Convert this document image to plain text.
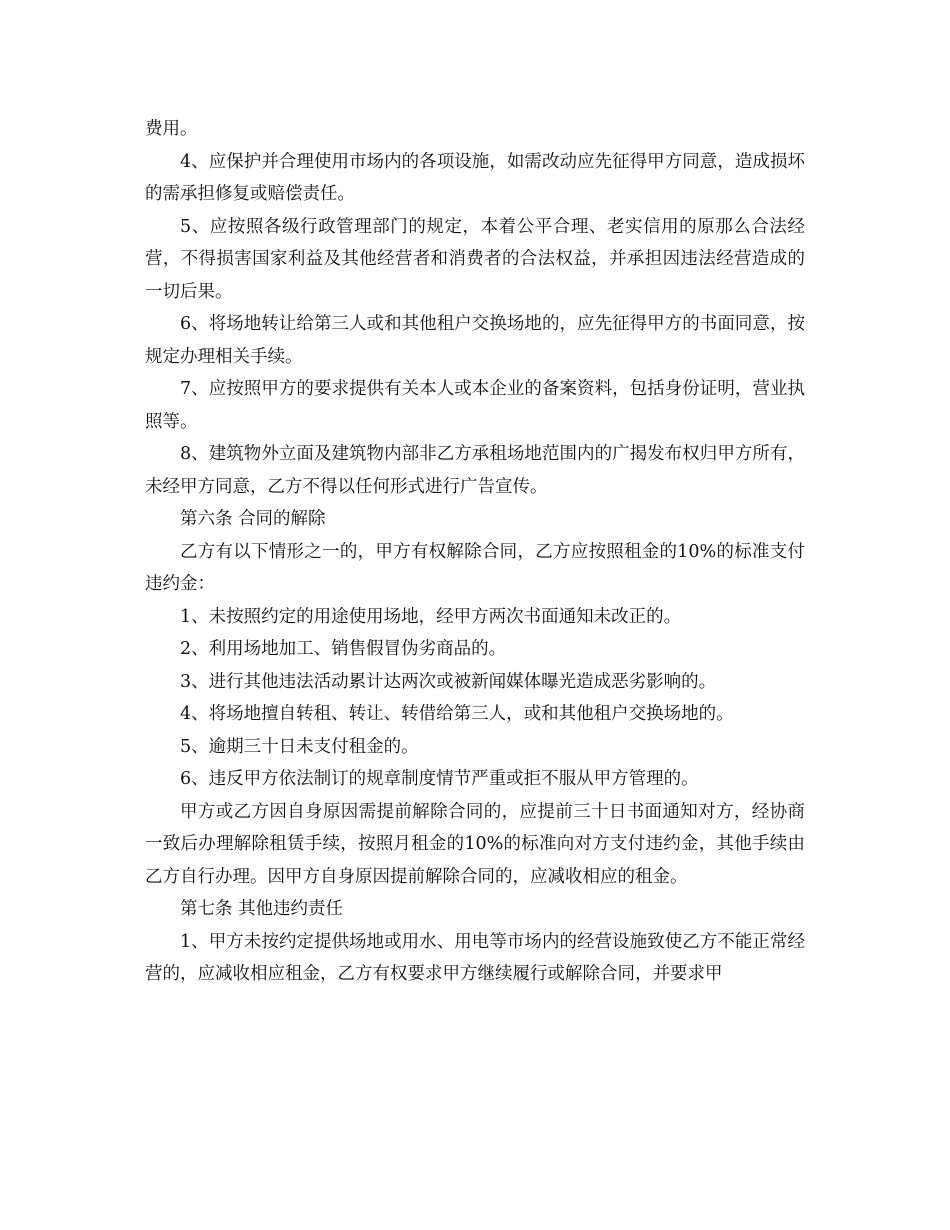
费用。

4、应保护并合理使用市场内的各项设施，如需改动应先征得甲方同意，造成损坏的需承担修复或赔偿责任。

5、应按照各级行政管理部门的规定，本着公平合理、老实信用的原那么合法经营，不得损害国家利益及其他经营者和消费者的合法权益，并承担因违法经营造成的一切后果。

6、将场地转让给第三人或和其他租户交换场地的，应先征得甲方的书面同意，按规定办理相关手续。

7、应按照甲方的要求提供有关本人或本企业的备案资料，包括身份证明，营业执照等。

8、建筑物外立面及建筑物内部非乙方承租场地范围内的广揭发布权归甲方所有，未经甲方同意，乙方不得以任何形式进行广告宣传。

第六条 合同的解除

乙方有以下情形之一的，甲方有权解除合同，乙方应按照租金的10%的标准支付违约金：

1、未按照约定的用途使用场地，经甲方两次书面通知未改正的。

2、利用场地加工、销售假冒伪劣商品的。

3、进行其他违法活动累计达两次或被新闻媒体曝光造成恶劣影响的。

4、将场地擅自转租、转让、转借给第三人，或和其他租户交换场地的。

5、逾期三十日未支付租金的。

6、违反甲方依法制订的规章制度情节严重或拒不服从甲方管理的。

甲方或乙方因自身原因需提前解除合同的，应提前三十日书面通知对方，经协商一致后办理解除租赁手续，按照月租金的10%的标准向对方支付违约金，其他手续由乙方自行办理。因甲方自身原因提前解除合同的，应减收相应的租金。

第七条 其他违约责任

1、甲方未按约定提供场地或用水、用电等市场内的经营设施致使乙方不能正常经营的，应减收相应租金，乙方有权要求甲方继续履行或解除合同，并要求甲
